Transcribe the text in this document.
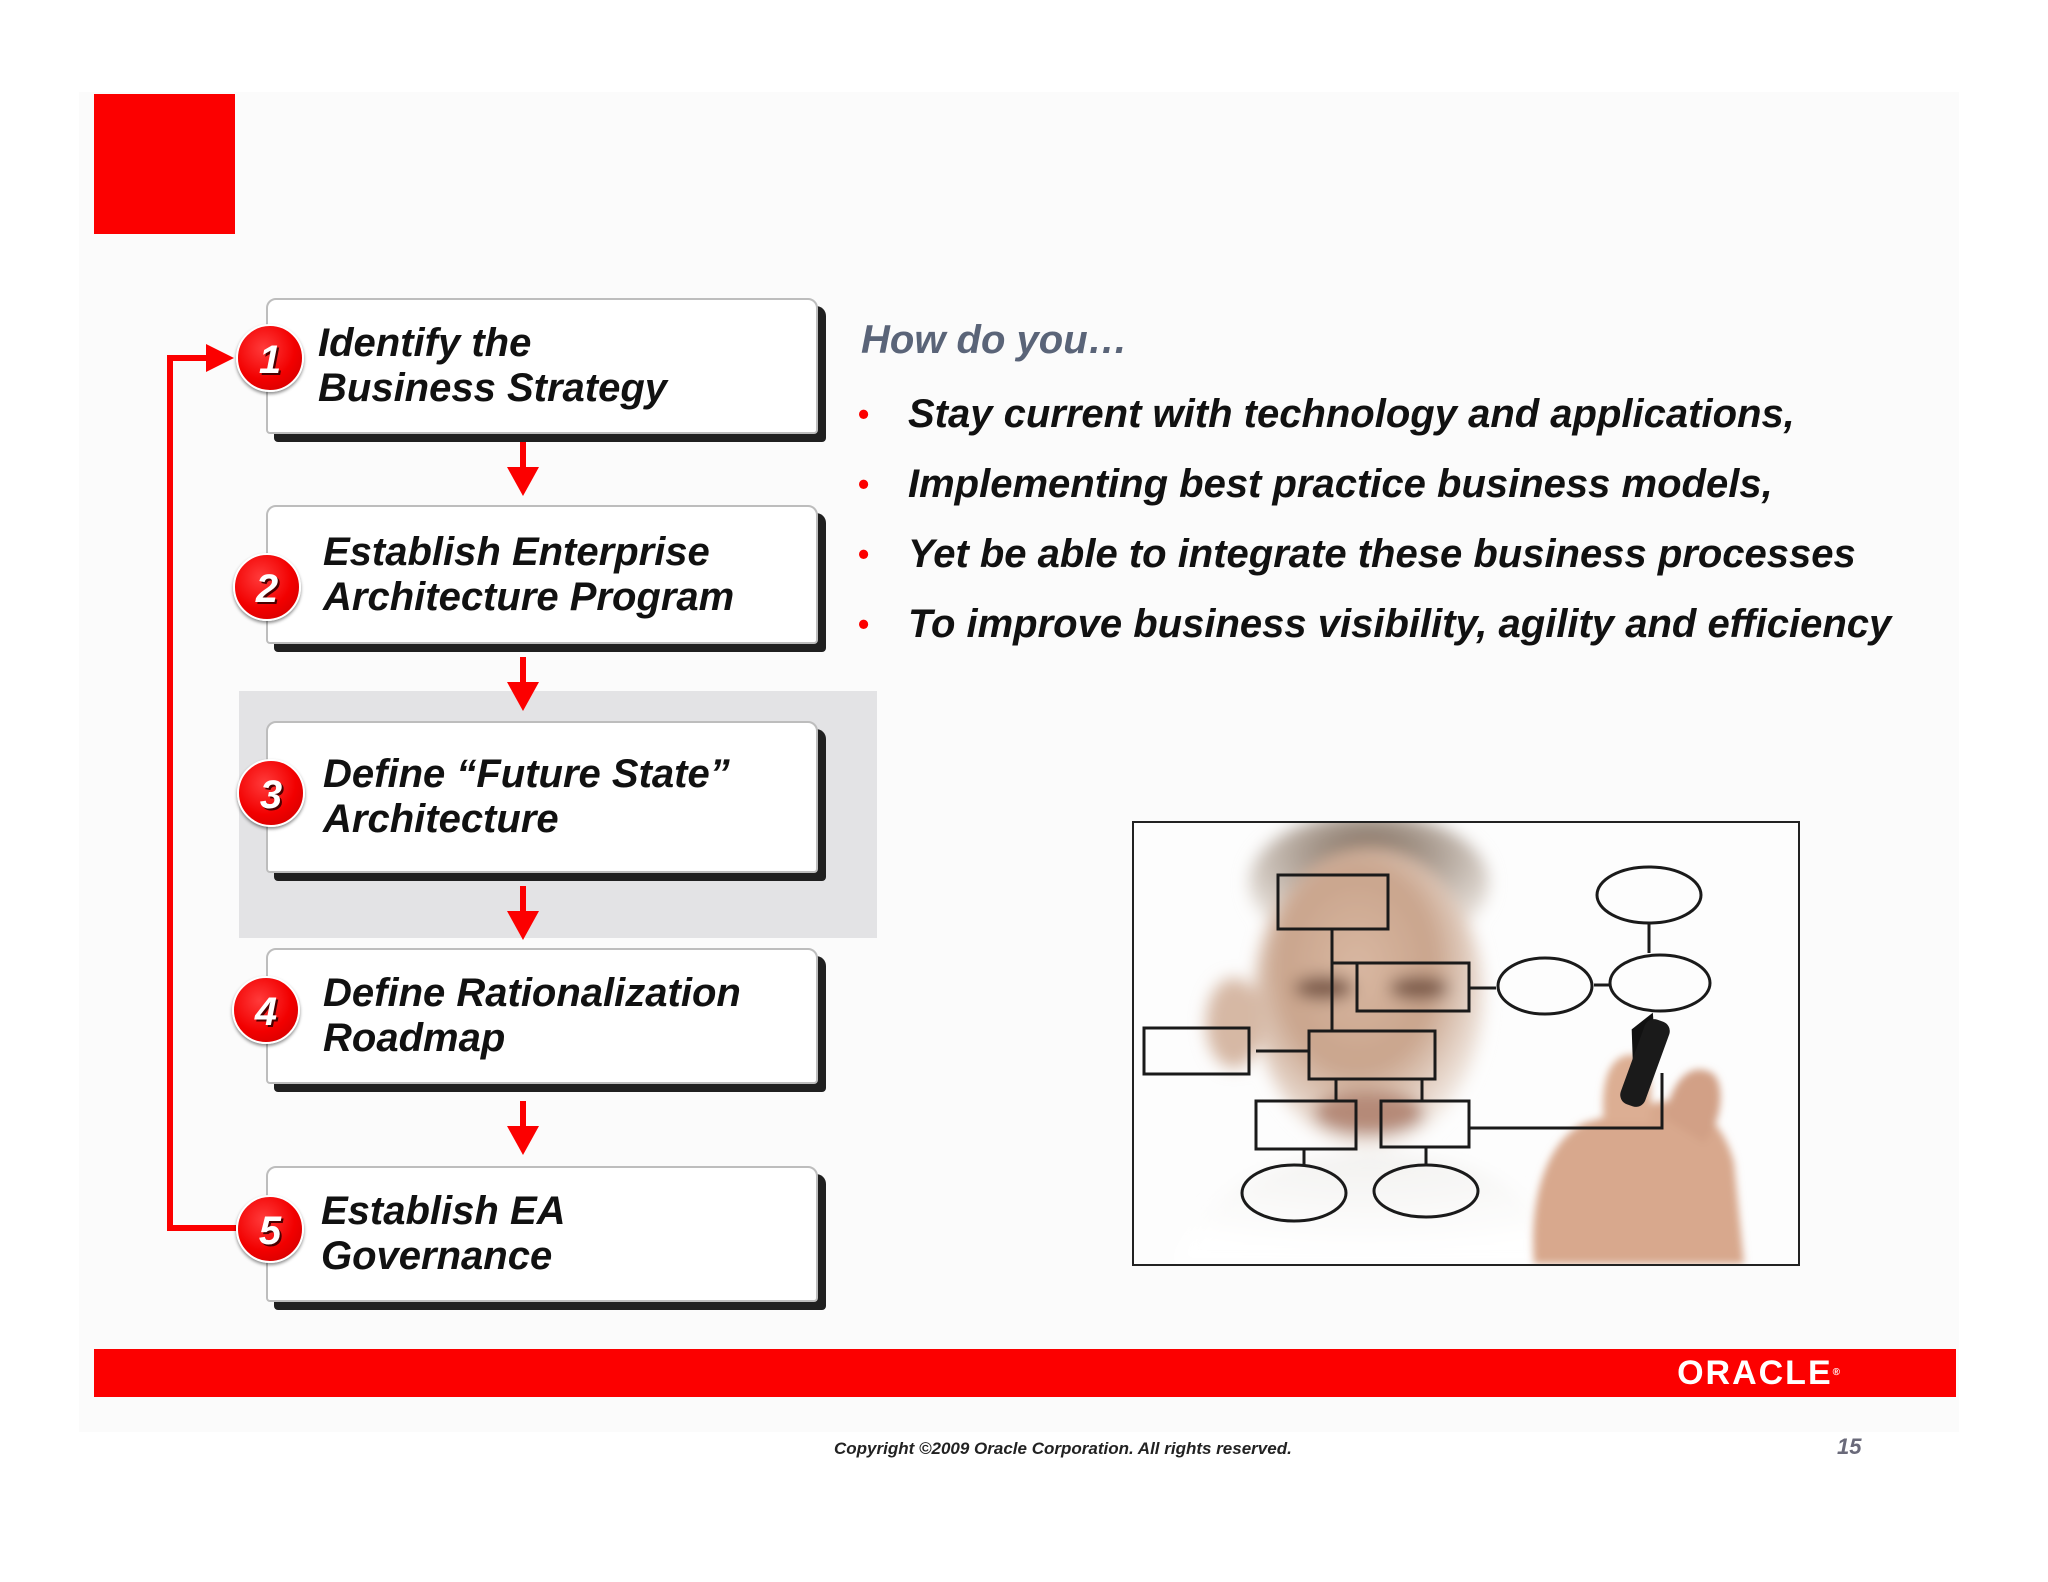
Identify the
Business Strategy
Establish Enterprise
Architecture Program
Define “Future State”
Architecture
Define Rationalization
Roadmap
Establish EA
Governance
1
2
3
4
5

How do you…

• Stay current with technology and applications,
• Implementing best practice business models,
• Yet be able to integrate these business processes
• To improve business visibility, agility and efficiency
ORACLE®
Copyright ©2009 Oracle Corporation. All rights reserved.	15
